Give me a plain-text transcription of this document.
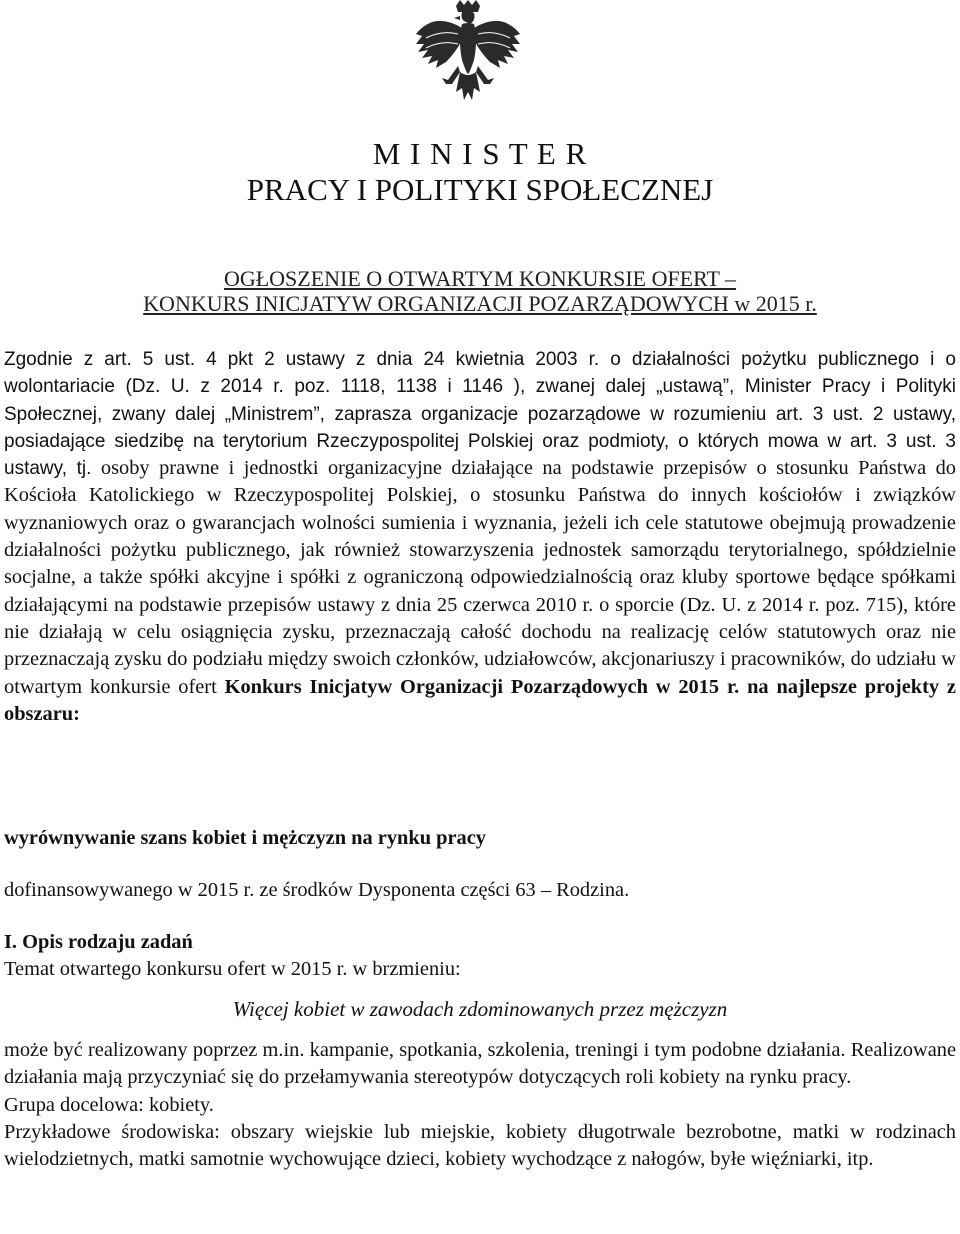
M I N I S T E R
PRACY I POLITYKI SPOŁECZNEJ
OGŁOSZENIE O OTWARTYM KONKURSIE OFERT –
KONKURS INICJATYW ORGANIZACJI POZARZĄDOWYCH w 2015 r.
Zgodnie z art. 5 ust. 4 pkt 2 ustawy z dnia 24 kwietnia 2003 r. o działalności pożytku publicznego i o wolontariacie (Dz. U. z 2014 r. poz. 1118, 1138 i 1146 ), zwanej dalej „ustawą”, Minister Pracy i Polityki Społecznej, zwany dalej „Ministrem”, zaprasza organizacje pozarządowe w rozumieniu art. 3 ust. 2 ustawy, posiadające siedzibę na terytorium Rzeczypospolitej Polskiej oraz podmioty, o których mowa w art. 3 ust. 3 ustawy, tj. osoby prawne i jednostki organizacyjne działające na podstawie przepisów o stosunku Państwa do Kościoła Katolickiego w Rzeczypospolitej Polskiej, o stosunku Państwa do innych kościołów i związków wyznaniowych oraz o gwarancjach wolności sumienia i wyznania, jeżeli ich cele statutowe obejmują prowadzenie działalności pożytku publicznego, jak również stowarzyszenia jednostek samorządu terytorialnego, spółdzielnie socjalne, a także spółki akcyjne i spółki z ograniczoną odpowiedzialnością oraz kluby sportowe będące spółkami działającymi na podstawie przepisów ustawy z dnia 25 czerwca 2010 r. o sporcie (Dz. U. z 2014 r. poz. 715), które nie działają w celu osiągnięcia zysku, przeznaczają całość dochodu na realizację celów statutowych oraz nie przeznaczają zysku do podziału między swoich członków, udziałowców, akcjonariuszy i pracowników, do udziału w otwartym konkursie ofert Konkurs Inicjatyw Organizacji Pozarządowych w 2015 r. na najlepsze projekty z obszaru:
wyrównywanie szans kobiet i mężczyzn na rynku pracy
dofinansowywanego w 2015 r. ze środków Dysponenta części 63 – Rodzina.
I. Opis rodzaju zadań
Temat otwartego konkursu ofert w 2015 r. w brzmieniu:
Więcej kobiet w zawodach zdominowanych przez mężczyzn

może być realizowany poprzez m.in. kampanie, spotkania, szkolenia, treningi i tym podobne działania. Realizowane działania mają przyczyniać się do przełamywania stereotypów dotyczących roli kobiety na rynku pracy.

Grupa docelowa: kobiety.

Przykładowe środowiska: obszary wiejskie lub miejskie, kobiety długotrwale bezrobotne, matki w rodzinach wielodzietnych, matki samotnie wychowujące dzieci, kobiety wychodzące z nałogów, byłe więźniarki, itp.
